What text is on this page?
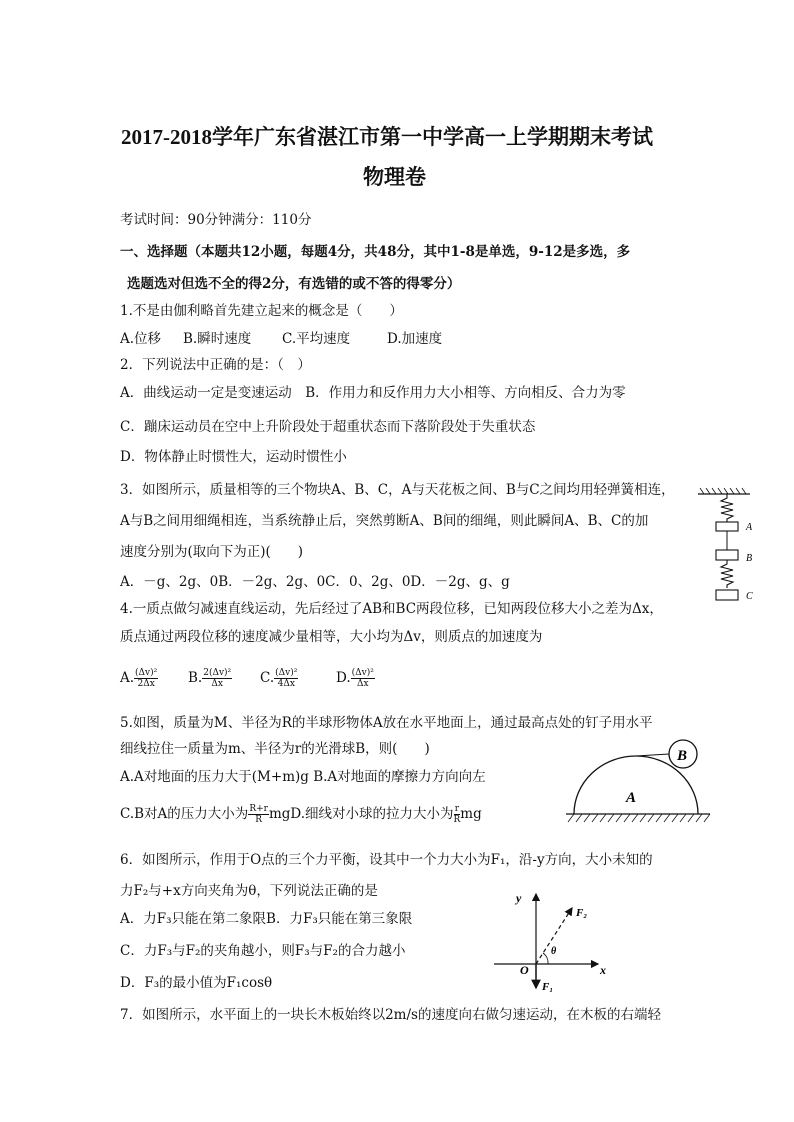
2017-2018学年广东省湛江市第一中学高一上学期期末考试
物理卷
考试时间：90分钟满分：110分
一、选择题（本题共12小题，每题4分，共48分，其中1-8是单选，9-12是多选，多
选题选对但选不全的得2分，有选错的或不答的得零分）
1.不是由伽利略首先建立起来的概念是（　　）
A.位移 B.瞬时速度 C.平均速度	D.加速度
2．下列说法中正确的是：（　）
A．曲线运动一定是变速运动　B．作用力和反作用力大小相等、方向相反、合力为零
C．蹦床运动员在空中上升阶段处于超重状态而下落阶段处于失重状态
D．物体静止时惯性大，运动时惯性小
3．如图所示，质量相等的三个物块A、B、C，A与天花板之间、B与C之间均用轻弹簧相连，
A与B之间用细绳相连，当系统静止后，突然剪断A、B间的细绳，则此瞬间A、B、C的加
速度分别为(取向下为正)(　　)
A．－g、2g、0B．－2g、2g、0C．0、2g、0D．－2g、g、g
A
B
C
4.一质点做匀减速直线运动，先后经过了AB和BC两段位移，已知两段位移大小之差为Δx，
质点通过两段位移的速度减少量相等，大小均为Δv，则质点的加速度为
A. $\frac{\text{(Δv)²}}{2\Delta x} B$. $\frac{\text{2(Δv)²}}{\Delta x} C$. $\frac{\text{(Δv)²}}{4\Delta x}$	D. $\frac{\text{(Δv)²}}{\Delta x}$
5.如图，质量为M、半径为R的半球形物体A放在水平地面上，通过最高点处的钉子用水平
细线拉住一质量为m、半径为r的光滑球B，则(　　)
A.A对地面的压力大于(M+m)g B.A对地面的摩擦力方向向左
C.B对A的压力大小为 $\frac{R+r}{R}$ mgD.细线对小球的拉力大小为 $\frac{r}{R}$ mg
B
A
6．如图所示，作用于O点的三个力平衡，设其中一个力大小为F₁，沿-y方向，大小未知的
力F₂与+x方向夹角为θ，下列说法正确的是
A．力F₃只能在第二象限B．力F₃只能在第三象限
C．力F₃与F₂的夹角越小，则F₃与F₂的合力越小
D．F₃的最小值为F₁cosθ
y
x
O
F₂
F₁
θ
7．如图所示，水平面上的一块长木板始终以2m/s的速度向右做匀速运动，在木板的右端轻
